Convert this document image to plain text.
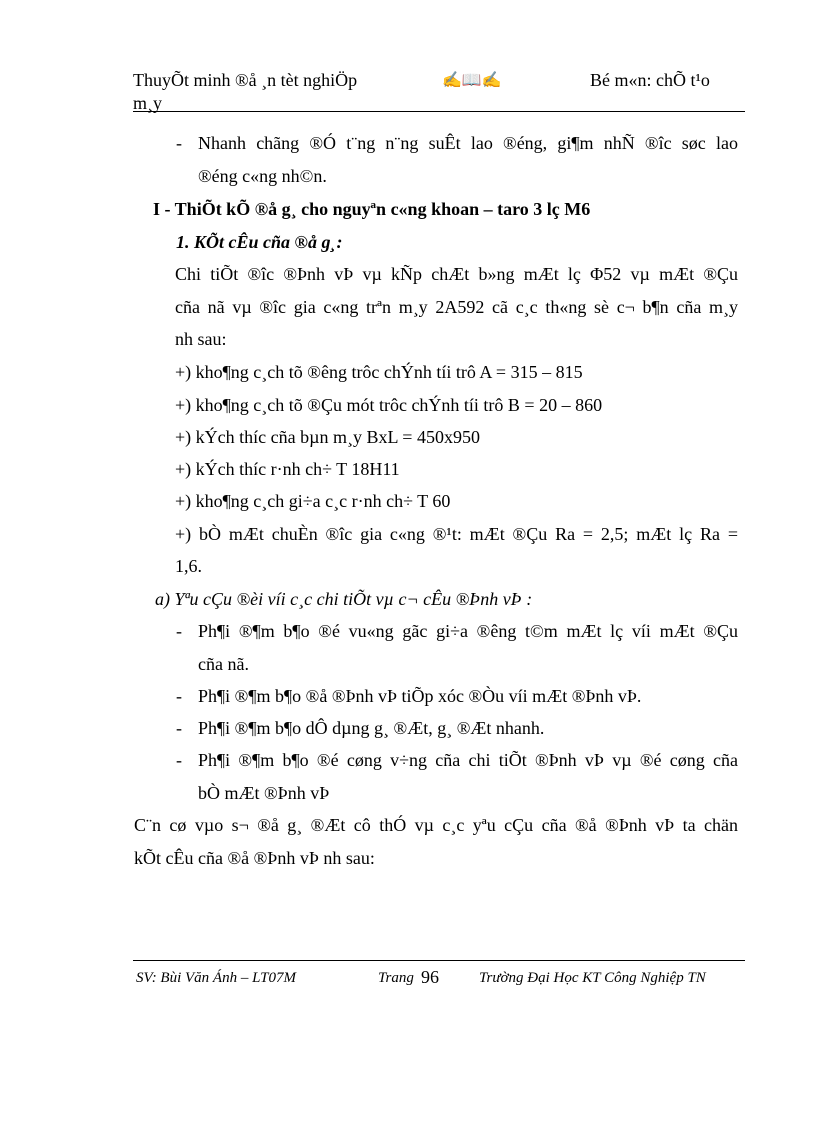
ThuyÕt minh ®å ¸n tèt nghiÖp
m¸y
✍📖✍	Bé m«n: chÕ t¹o
- Nhanh chãng ®Ó t¨ng n¨ng suÊt lao ®éng, gi¶m nhÑ ®îc søc lao
®éng c«ng nh©n.
I - ThiÕt kÕ ®å g¸ cho nguyªn c«ng khoan – taro 3 lç M6
1. KÕt cÊu cña ®å g¸:
Chi tiÕt ®îc ®Þnh vÞ vµ kÑp chÆt b»ng mÆt lç Φ52 vµ mÆt ®Çu
cña nã vµ ®îc gia c«ng trªn m¸y 2A592 cã c¸c th«ng sè c¬ b¶n cña m¸y
nh sau:
+) kho¶ng c¸ch tõ ®êng trôc chÝnh tíi trô A = 315 – 815
+) kho¶ng c¸ch tõ ®Çu mót trôc chÝnh tíi trô B = 20 – 860
+) kÝch thíc cña bµn m¸y BxL = 450x950
+) kÝch thíc r·nh ch÷ T 18H11
+) kho¶ng c¸ch gi÷a c¸c r·nh ch÷ T 60
+) bÒ mÆt chuÈn ®îc gia c«ng ®¹t: mÆt ®Çu Ra = 2,5; mÆt lç Ra =
1,6.
a) Yªu cÇu ®èi víi c¸c chi tiÕt vµ c¬ cÊu ®Þnh vÞ :
- Ph¶i ®¶m b¶o ®é vu«ng gãc gi÷a ®êng t©m mÆt lç víi mÆt ®Çu
cña nã.
- Ph¶i ®¶m b¶o ®å ®Þnh vÞ tiÕp xóc ®Òu víi mÆt ®Þnh vÞ.
- Ph¶i ®¶m b¶o dÔ dµng g¸ ®Æt, g¸ ®Æt nhanh.
- Ph¶i ®¶m b¶o ®é cøng v÷ng cña chi tiÕt ®Þnh vÞ vµ ®é cøng cña
bÒ mÆt ®Þnh vÞ
C¨n cø vµo s¬ ®å g¸ ®Æt cô thÓ vµ c¸c yªu cÇu cña ®å ®Þnh vÞ ta chän
kÕt cÊu cña ®å ®Þnh vÞ nh sau:
SV: Bùi Văn Ánh – LT07M	Trang 96	Trường Đại Học KT Công Nghiệp TN
